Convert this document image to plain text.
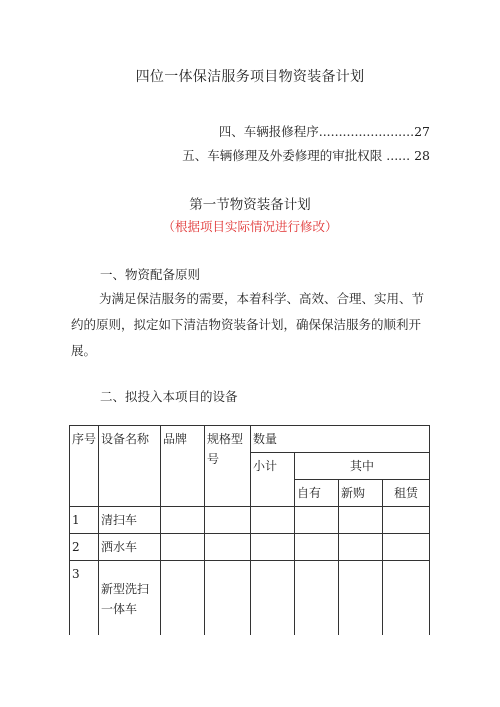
四位一体保洁服务项目物资装备计划
四、车辆报修程序........................27
五、车辆修理及外委修理的审批权限 ...... 28
第一节物资装备计划
（根据项目实际情况进行修改）
一、物资配备原则
为满足保洁服务的需要，本着科学、高效、合理、实用、节约的原则，拟定如下清洁物资装备计划，确保保洁服务的顺利开展。
二、拟投入本项目的设备
序号	设备名称	品牌	规格型号	数量			
				小计	其中		
					自有	新购	租赁
1	清扫车						
2	洒水车						
3	新型洗扫一体车						
